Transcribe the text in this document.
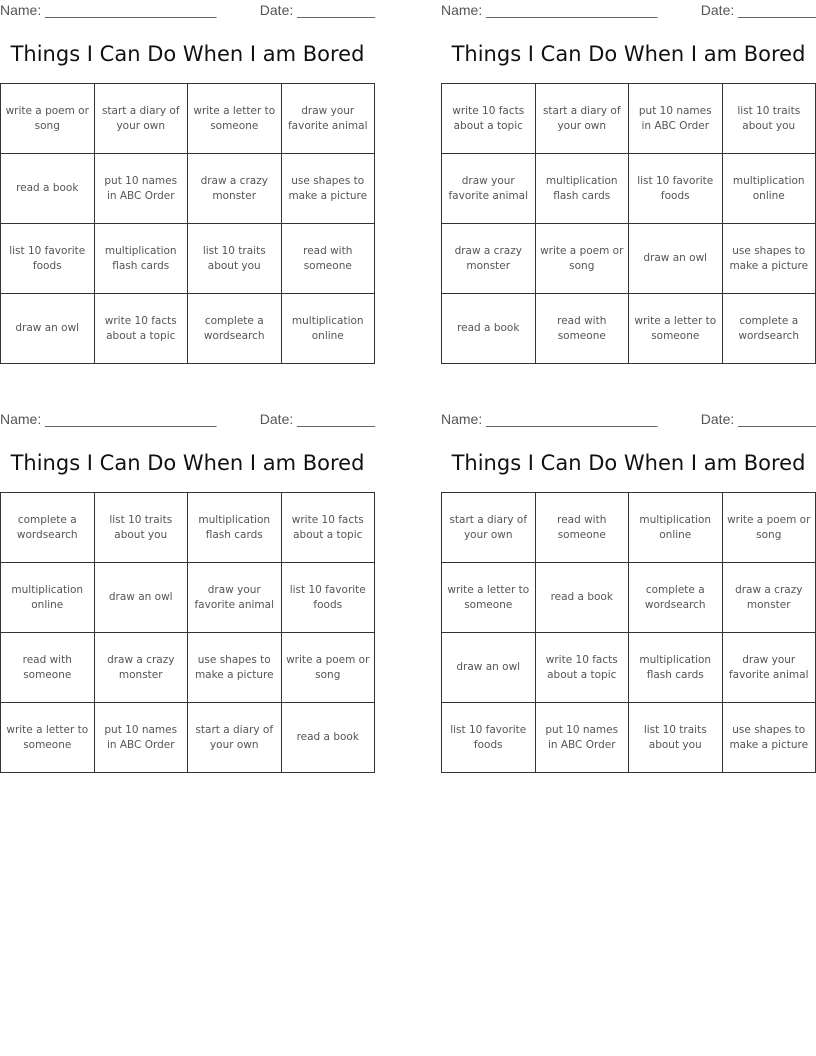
Name: ______________________	Date: __________
Things I Can Do When I am Bored
write a poem or song	start a diary of your own	write a letter to someone	draw your favorite animal
read a book	put 10 names in ABC Order	draw a crazy monster	use shapes to make a picture
list 10 favorite foods	multiplication flash cards	list 10 traits about you	read with someone
draw an owl	write 10 facts about a topic	complete a wordsearch	multiplication online
Name: ______________________	Date: __________
Things I Can Do When I am Bored
write 10 facts about a topic	start a diary of your own	put 10 names in ABC Order	list 10 traits about you
draw your favorite animal	multiplication flash cards	list 10 favorite foods	multiplication online
draw a crazy monster	write a poem or song	draw an owl	use shapes to make a picture
read a book	read with someone	write a letter to someone	complete a wordsearch
Name: ______________________	Date: __________
Things I Can Do When I am Bored
complete a wordsearch	list 10 traits about you	multiplication flash cards	write 10 facts about a topic
multiplication online	draw an owl	draw your favorite animal	list 10 favorite foods
read with someone	draw a crazy monster	use shapes to make a picture	write a poem or song
write a letter to someone	put 10 names in ABC Order	start a diary of your own	read a book
Name: ______________________	Date: __________
Things I Can Do When I am Bored
start a diary of your own	read with someone	multiplication online	write a poem or song
write a letter to someone	read a book	complete a wordsearch	draw a crazy monster
draw an owl	write 10 facts about a topic	multiplication flash cards	draw your favorite animal
list 10 favorite foods	put 10 names in ABC Order	list 10 traits about you	use shapes to make a picture
